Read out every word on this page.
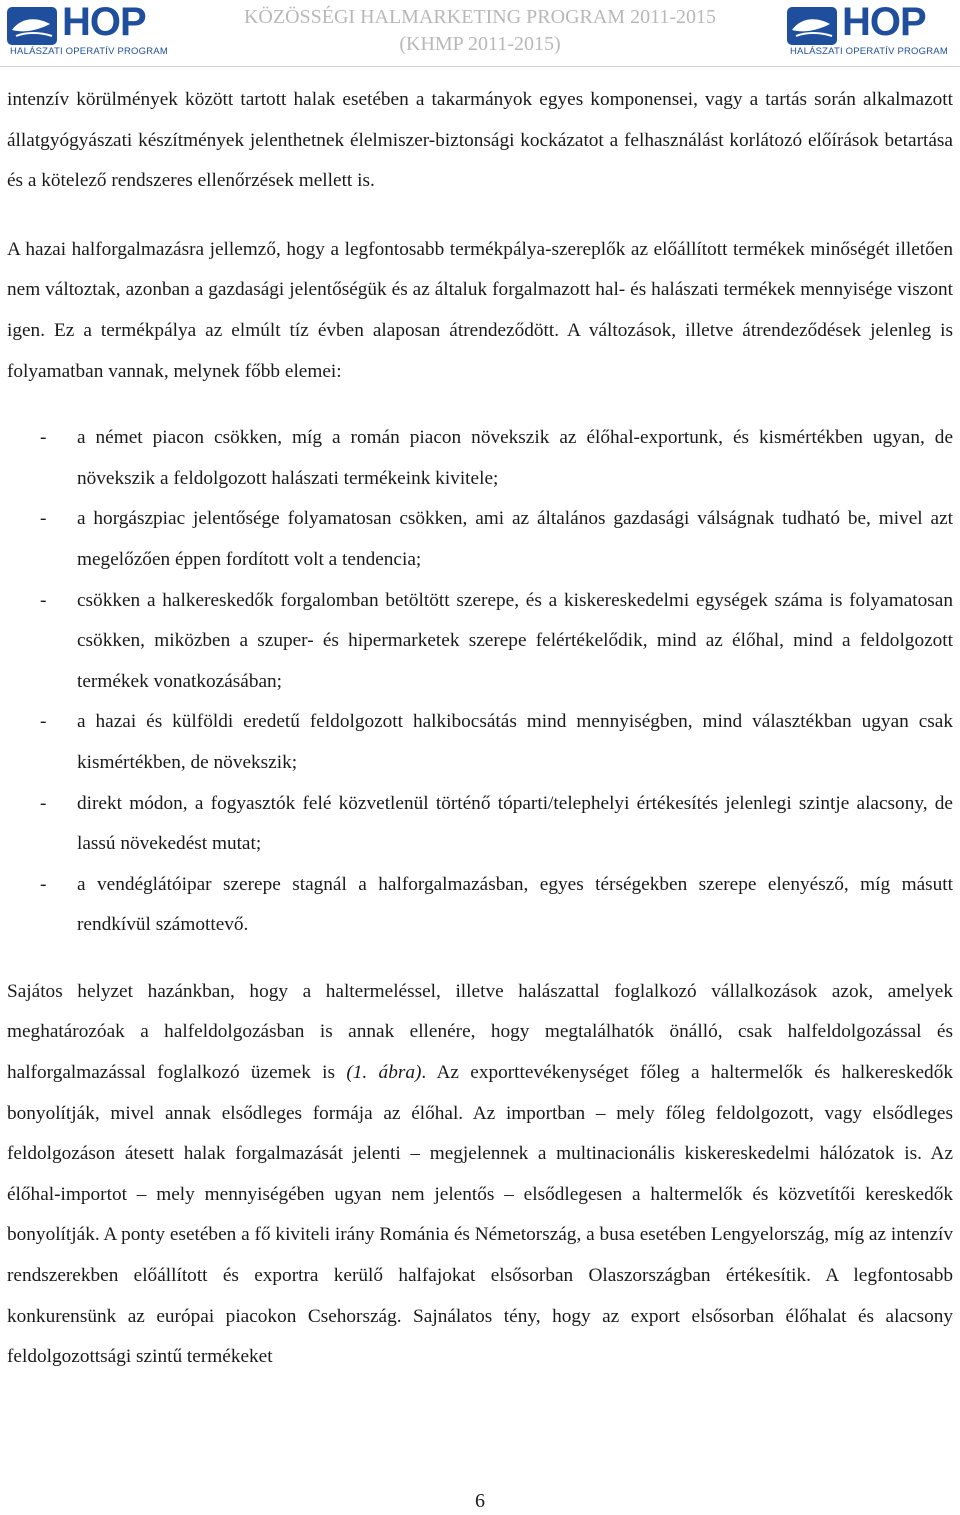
HOP
HALÁSZATI OPERATÍV PROGRAM
KÖZÖSSÉGI HALMARKETING PROGRAM 2011-2015
(KHMP 2011-2015)	HOP
HALÁSZATI OPERATÍV PROGRAM

intenzív körülmények között tartott halak esetében a takarmányok egyes komponensei, vagy a tartás során alkalmazott állatgyógyászati készítmények jelenthetnek élelmiszer-biztonsági kockázatot a felhasználást korlátozó előírások betartása és a kötelező rendszeres ellenőrzések mellett is.

A hazai halforgalmazásra jellemző, hogy a legfontosabb termékpálya-szereplők az előállított termékek minőségét illetően nem változtak, azonban a gazdasági jelentőségük és az általuk forgalmazott hal- és halászati termékek mennyisége viszont igen. Ez a termékpálya az elmúlt tíz évben alaposan átrendeződött. A változások, illetve átrendeződések jelenleg is folyamatban vannak, melynek főbb elemei:

- a német piacon csökken, míg a román piacon növekszik az élőhal-exportunk, és kismértékben ugyan, de növekszik a feldolgozott halászati termékeink kivitele;
- a horgászpiac jelentősége folyamatosan csökken, ami az általános gazdasági válságnak tudható be, mivel azt megelőzően éppen fordított volt a tendencia;
- csökken a halkereskedők forgalomban betöltött szerepe, és a kiskereskedelmi egységek száma is folyamatosan csökken, miközben a szuper- és hipermarketek szerepe felértékelődik, mind az élőhal, mind a feldolgozott termékek vonatkozásában;
- a hazai és külföldi eredetű feldolgozott halkibocsátás mind mennyiségben, mind választékban ugyan csak kismértékben, de növekszik;
- direkt módon, a fogyasztók felé közvetlenül történő tóparti/telephelyi értékesítés jelenlegi szintje alacsony, de lassú növekedést mutat;
- a vendéglátóipar szerepe stagnál a halforgalmazásban, egyes térségekben szerepe elenyésző, míg másutt rendkívül számottevő.

Sajátos helyzet hazánkban, hogy a haltermeléssel, illetve halászattal foglalkozó vállalkozások azok, amelyek meghatározóak a halfeldolgozásban is annak ellenére, hogy megtalálhatók önálló, csak halfeldolgozással és halforgalmazással foglalkozó üzemek is (1. ábra). Az exporttevékenységet főleg a haltermelők és halkereskedők bonyolítják, mivel annak elsődleges formája az élőhal. Az importban – mely főleg feldolgozott, vagy elsődleges feldolgozáson átesett halak forgalmazását jelenti – megjelennek a multinacionális kiskereskedelmi hálózatok is. Az élőhal-importot – mely mennyiségében ugyan nem jelentős – elsődlegesen a haltermelők és közvetítői kereskedők bonyolítják. A ponty esetében a fő kiviteli irány Románia és Németország, a busa esetében Lengyelország, míg az intenzív rendszerekben előállított és exportra kerülő halfajokat elsősorban Olaszországban értékesítik. A legfontosabb konkurensünk az európai piacokon Csehország. Sajnálatos tény, hogy az export elsősorban élőhalat és alacsony feldolgozottsági szintű termékeket

6
